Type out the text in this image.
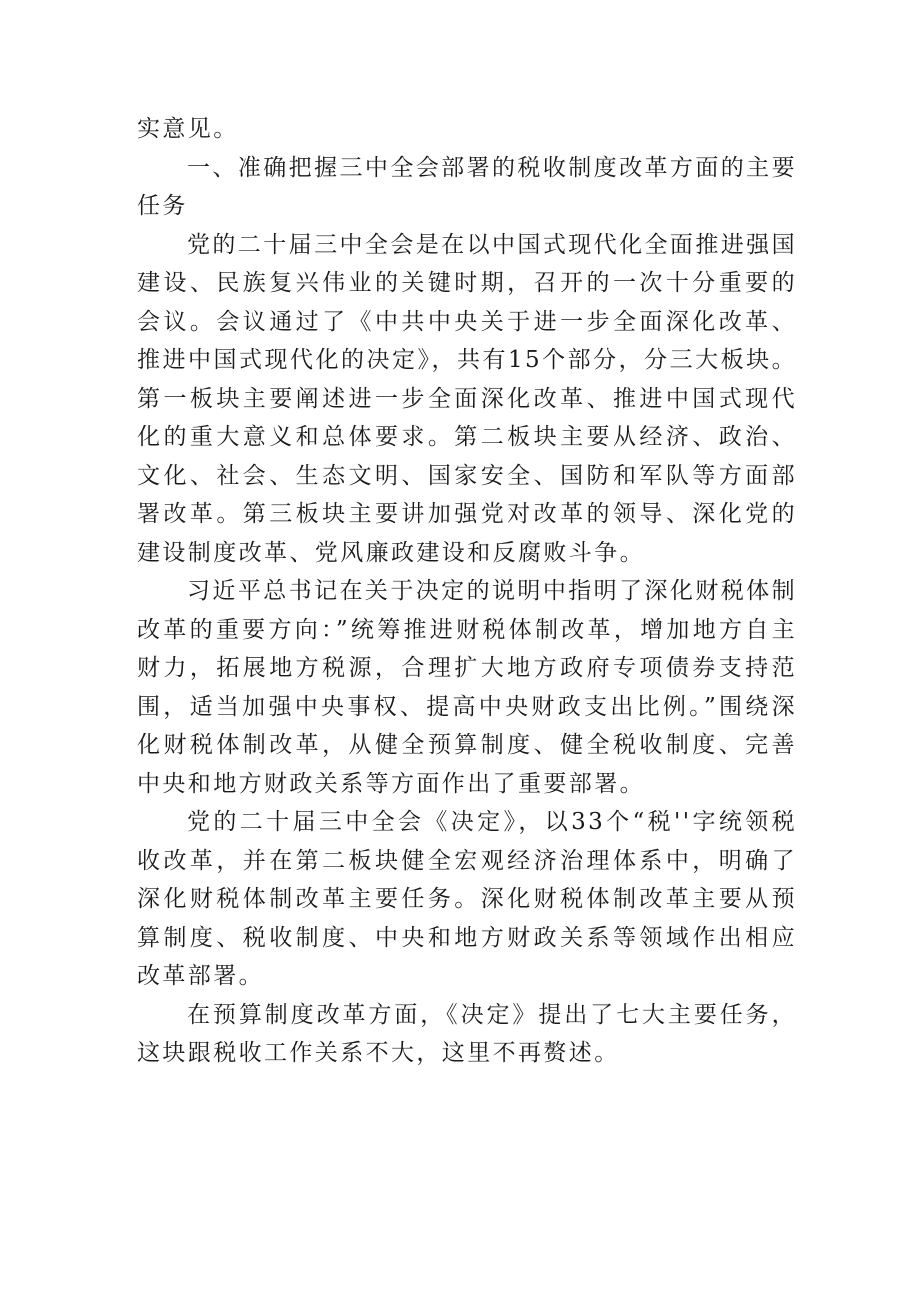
实意见。

一、准确把握三中全会部署的税收制度改革方面的主要任务

党的二十届三中全会是在以中国式现代化全面推进强国建设、民族复兴伟业的关键时期，召开的一次十分重要的会议。会议通过了《中共中央关于进一步全面深化改革、推进中国式现代化的决定》，共有15个部分，分三大板块。第一板块主要阐述进一步全面深化改革、推进中国式现代化的重大意义和总体要求。第二板块主要从经济、政治、文化、社会、生态文明、国家安全、国防和军队等方面部署改革。第三板块主要讲加强党对改革的领导、深化党的建设制度改革、党风廉政建设和反腐败斗争。

习近平总书记在关于决定的说明中指明了深化财税体制改革的重要方向：”统筹推进财税体制改革，增加地方自主财力，拓展地方税源，合理扩大地方政府专项债券支持范围，适当加强中央事权、提高中央财政支出比例。”围绕深化财税体制改革，从健全预算制度、健全税收制度、完善中央和地方财政关系等方面作出了重要部署。

党的二十届三中全会《决定》，以33个“税''字统领税收改革，并在第二板块健全宏观经济治理体系中，明确了深化财税体制改革主要任务。深化财税体制改革主要从预算制度、税收制度、中央和地方财政关系等领域作出相应改革部署。

在预算制度改革方面，《决定》提出了七大主要任务，这块跟税收工作关系不大，这里不再赘述。
